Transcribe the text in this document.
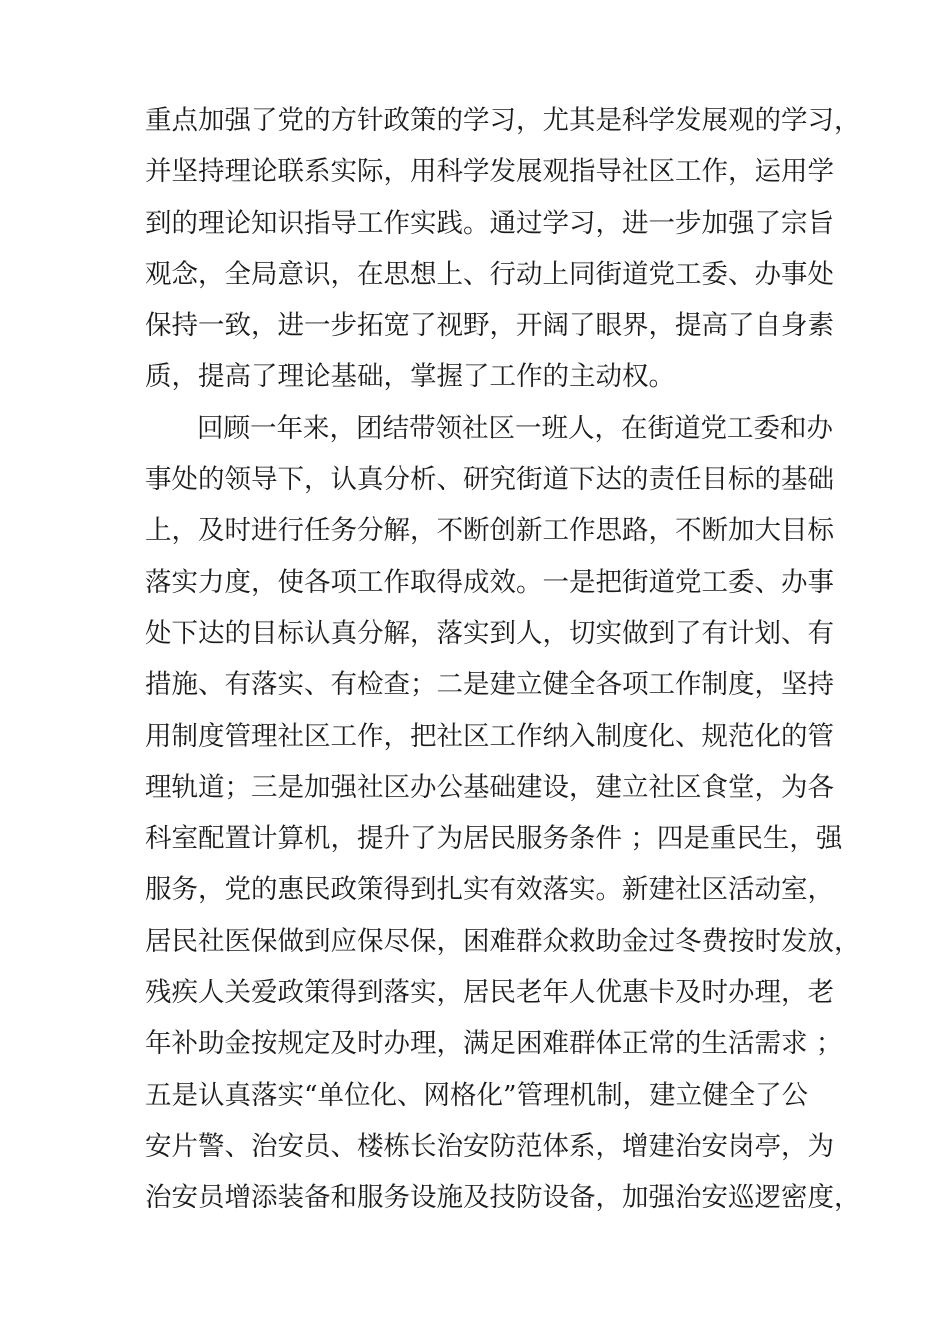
重点加强了党的方针政策的学习，尤其是科学发展观的学习，
并坚持理论联系实际，用科学发展观指导社区工作，运用学
到的理论知识指导工作实践。通过学习，进一步加强了宗旨
观念，全局意识，在思想上、行动上同街道党工委、办事处
保持一致，进一步拓宽了视野，开阔了眼界，提高了自身素
质，提高了理论基础，掌握了工作的主动权。
回顾一年来，团结带领社区一班人，在街道党工委和办
事处的领导下，认真分析、研究街道下达的责任目标的基础
上，及时进行任务分解，不断创新工作思路，不断加大目标
落实力度，使各项工作取得成效。一是把街道党工委、办事
处下达的目标认真分解，落实到人，切实做到了有计划、有
措施、有落实、有检查；二是建立健全各项工作制度，坚持
用制度管理社区工作，把社区工作纳入制度化、规范化的管
理轨道；三是加强社区办公基础建设，建立社区食堂，为各
科室配置计算机，提升了为居民服务条件 ；四是重民生，强
服务，党的惠民政策得到扎实有效落实。新建社区活动室，
居民社医保做到应保尽保，困难群众救助金过冬费按时发放，
残疾人关爱政策得到落实，居民老年人优惠卡及时办理，老
年补助金按规定及时办理，满足困难群体正常的生活需求 ；
五是认真落实“单位化、网格化”管理机制，建立健全了公
安片警、治安员、楼栋长治安防范体系，增建治安岗亭，为
治安员增添装备和服务设施及技防设备，加强治安巡逻密度，
